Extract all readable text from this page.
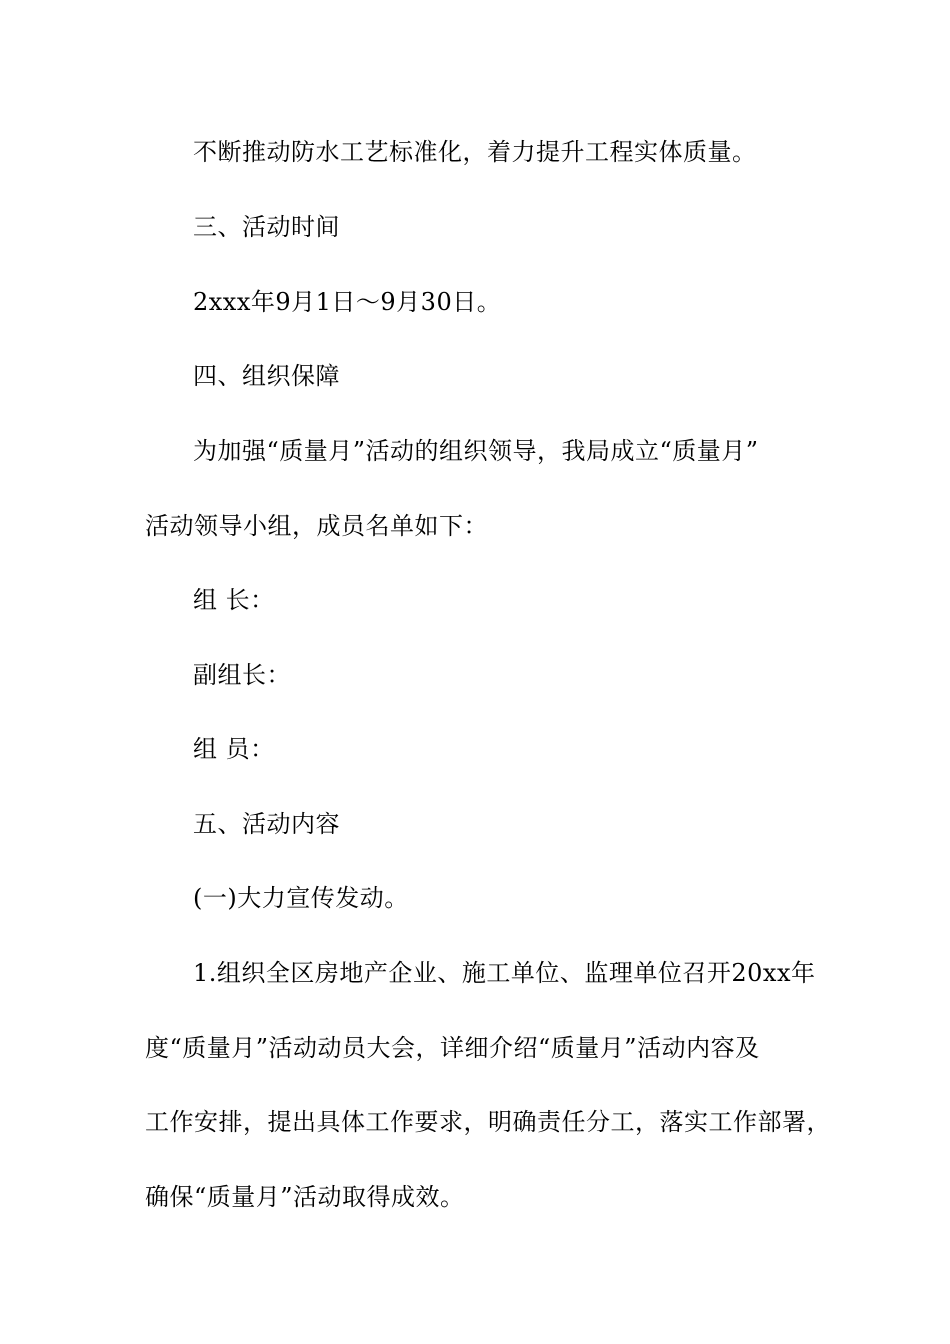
不断推动防水工艺标准化，着力提升工程实体质量。
三、活动时间
2xxx年9月1日～9月30日。
四、组织保障
为加强“质量月”活动的组织领导，我局成立“质量月”
活动领导小组，成员名单如下：
组 长：
副组长：
组 员：
五、活动内容
(一)大力宣传发动。
1.组织全区房地产企业、施工单位、监理单位召开20xx年
度“质量月”活动动员大会，详细介绍“质量月”活动内容及
工作安排，提出具体工作要求，明确责任分工，落实工作部署，
确保“质量月”活动取得成效。
